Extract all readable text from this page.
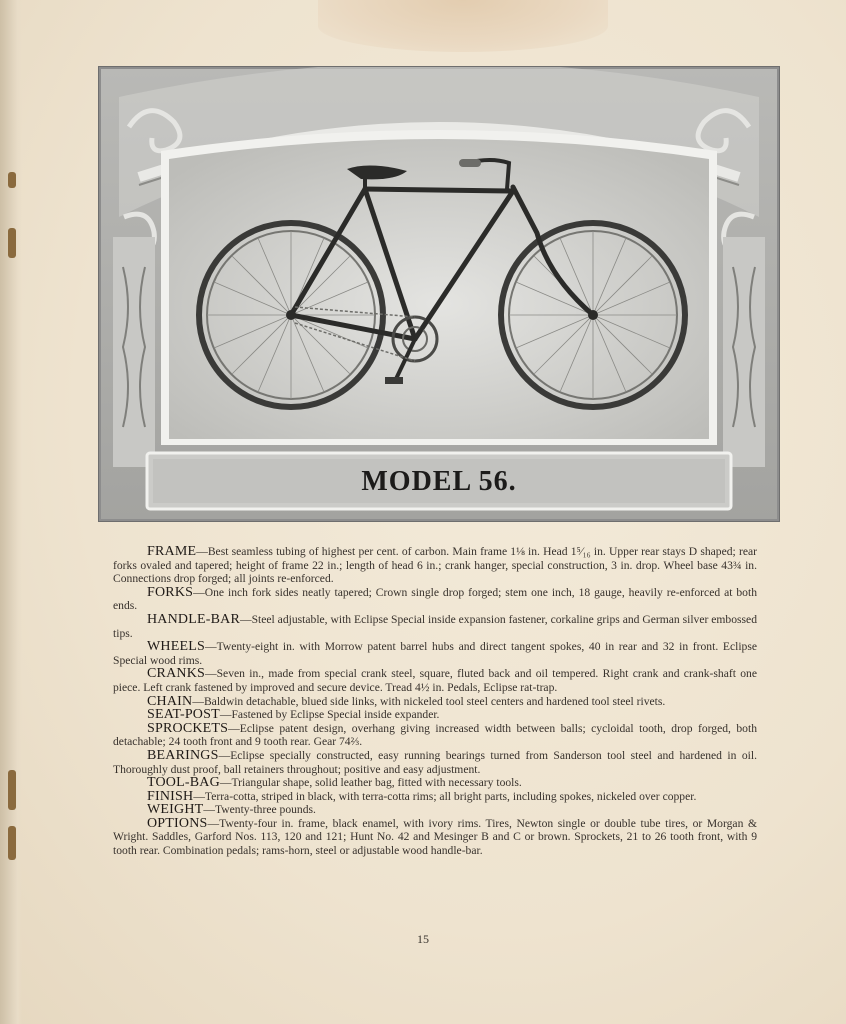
MODEL 56.

FRAME—Best seamless tubing of highest per cent. of carbon. Main frame 1⅛ in. Head 1⁵⁄₁₆ in. Upper rear stays D shaped; rear forks ovaled and tapered; height of frame 22 in.; length of head 6 in.; crank hanger, special construction, 3 in. drop. Wheel base 43¾ in. Connections drop forged; all joints re-enforced.

FORKS—One inch fork sides neatly tapered; Crown single drop forged; stem one inch, 18 gauge, heavily re-enforced at both ends.

HANDLE-BAR—Steel adjustable, with Eclipse Special inside expansion fastener, corkaline grips and German silver embossed tips.

WHEELS—Twenty-eight in. with Morrow patent barrel hubs and direct tangent spokes, 40 in rear and 32 in front. Eclipse Special wood rims.

CRANKS—Seven in., made from special crank steel, square, fluted back and oil tempered. Right crank and crank-shaft one piece. Left crank fastened by improved and secure device. Tread 4½ in. Pedals, Eclipse rat-trap.

CHAIN—Baldwin detachable, blued side links, with nickeled tool steel centers and hardened tool steel rivets.

SEAT-POST—Fastened by Eclipse Special inside expander.

SPROCKETS—Eclipse patent design, overhang giving increased width between balls; cycloidal tooth, drop forged, both detachable; 24 tooth front and 9 tooth rear. Gear 74⅔.

BEARINGS—Eclipse specially constructed, easy running bearings turned from Sanderson tool steel and hardened in oil. Thoroughly dust proof, ball retainers throughout; positive and easy adjustment.

TOOL-BAG—Triangular shape, solid leather bag, fitted with necessary tools.

FINISH—Terra-cotta, striped in black, with terra-cotta rims; all bright parts, including spokes, nickeled over copper.

WEIGHT—Twenty-three pounds.

OPTIONS—Twenty-four in. frame, black enamel, with ivory rims. Tires, Newton single or double tube tires, or Morgan & Wright. Saddles, Garford Nos. 113, 120 and 121; Hunt No. 42 and Mesinger B and C or brown. Sprockets, 21 to 26 tooth front, with 9 tooth rear. Combination pedals; rams-horn, steel or adjustable wood handle-bar.

15
